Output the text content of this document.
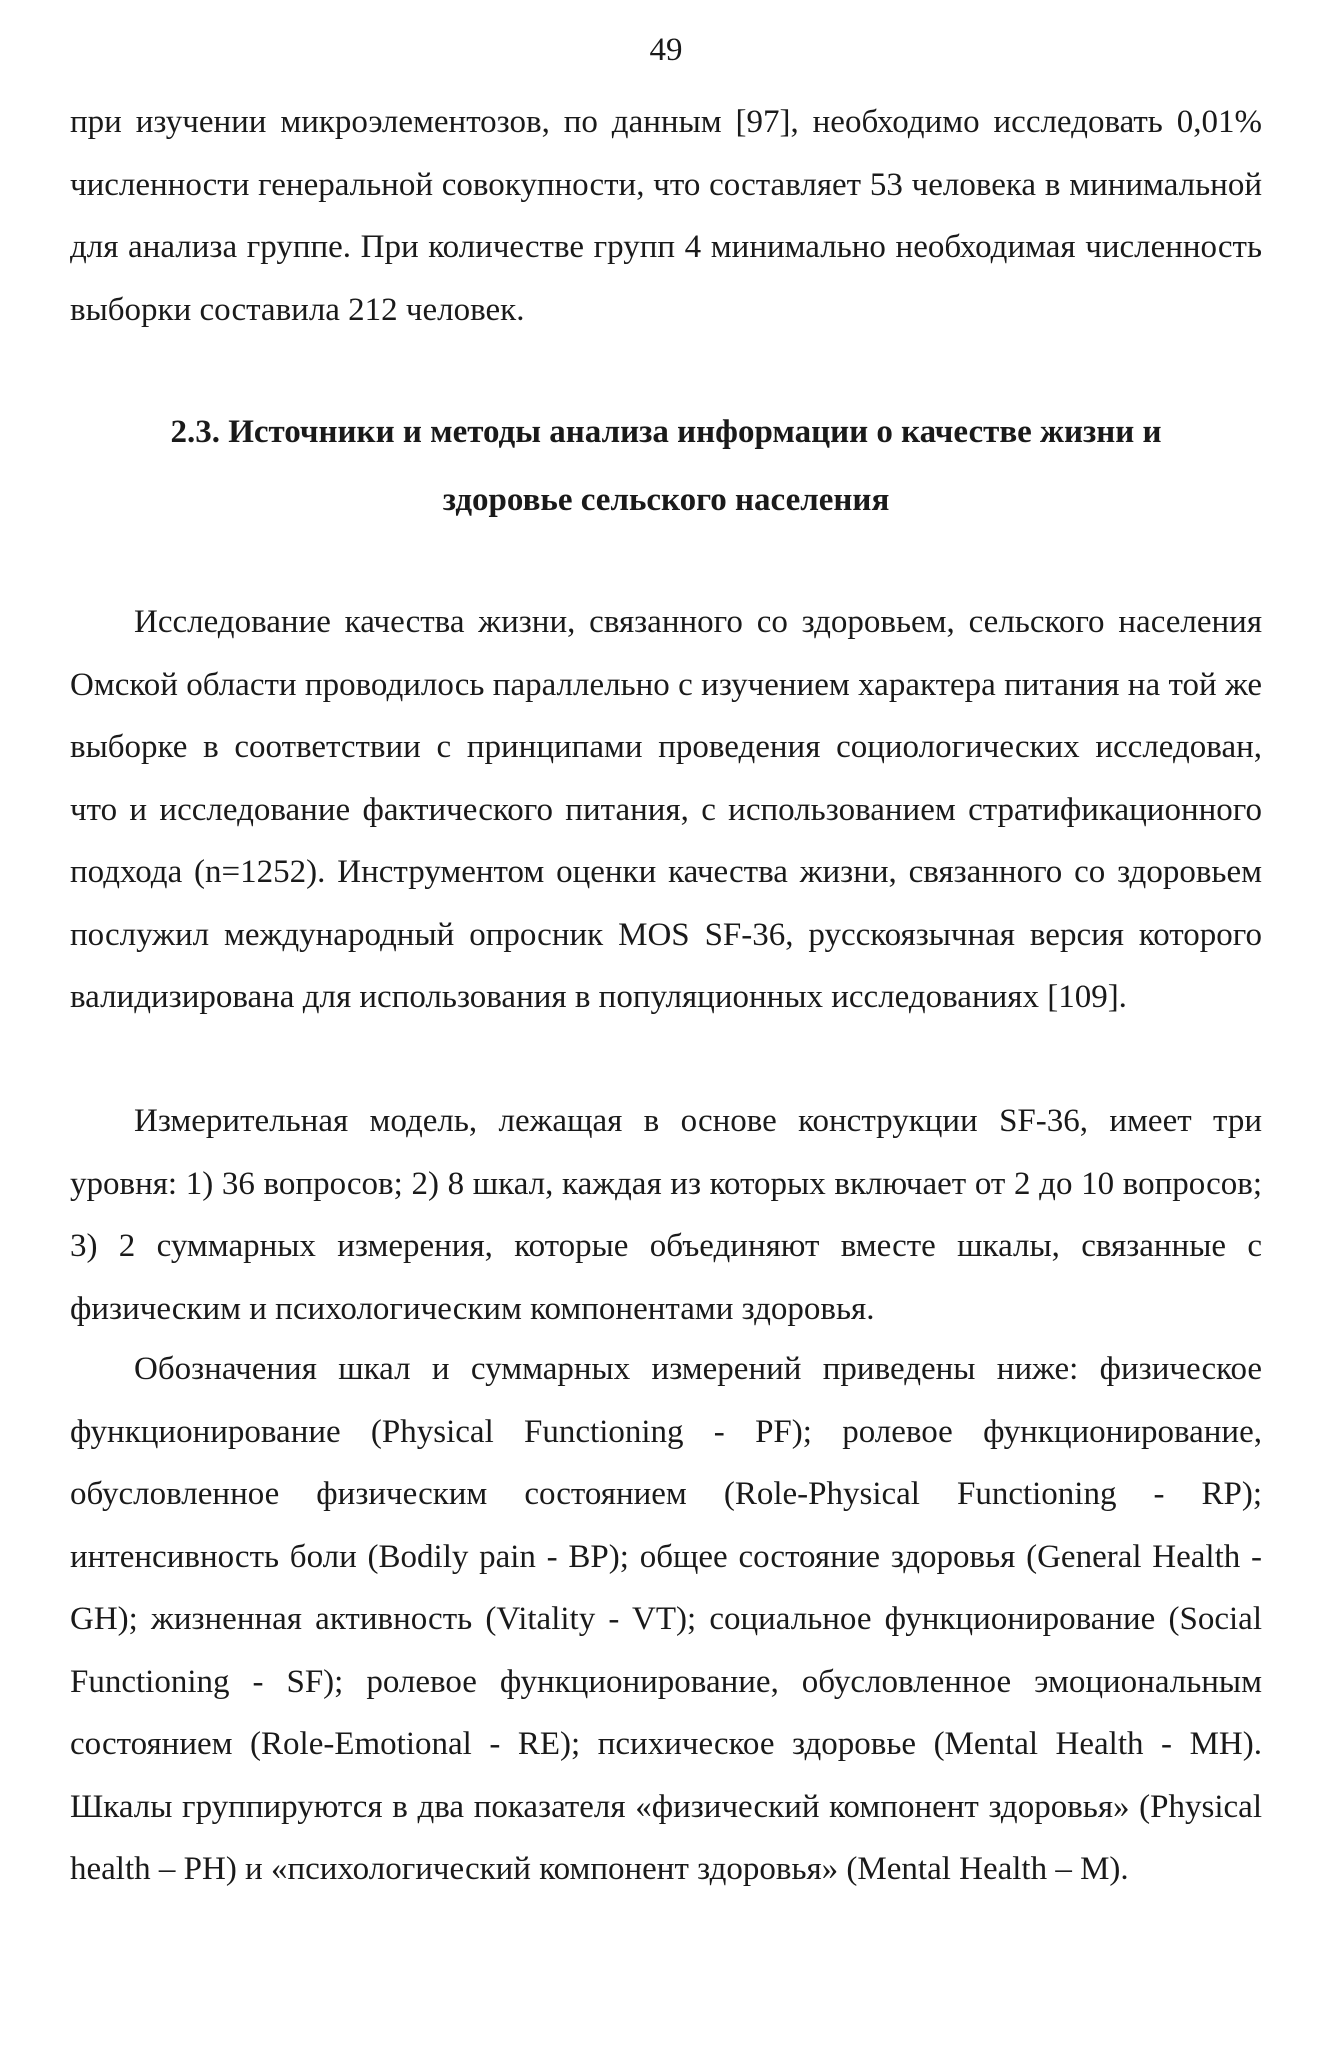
49

при изучении микроэлементозов, по данным [97], необходимо исследовать 0,01% численности генеральной совокупности, что составляет 53 человека в минимальной для анализа группе. При количестве групп 4 минимально необходимая численность выборки составила 212 человек.

2.3. Источники и методы анализа информации о качестве жизни и
здоровье сельского населения

Исследование качества жизни, связанного со здоровьем, сельского населения Омской области проводилось параллельно с изучением характера питания на той же выборке в соответствии с принципами проведения социологических исследован, что и исследование фактического питания, с использованием стратификационного подхода (n=1252). Инструментом оценки качества жизни, связанного со здоровьем послужил международный опросник MOS SF-36, русскоязычная версия которого валидизирована для использования в популяционных исследованиях [109].

Измерительная модель, лежащая в основе конструкции SF-36, имеет три уровня: 1) 36 вопросов; 2) 8 шкал, каждая из которых включает от 2 до 10 вопросов; 3) 2 суммарных измерения, которые объединяют вместе шкалы, связанные с физическим и психологическим компонентами здоровья.

Обозначения шкал и суммарных измерений приведены ниже: физическое функционирование (Physical Functioning - PF); ролевое функционирование, обусловленное физическим состоянием (Role-Physical Functioning - RP); интенсивность боли (Bodily pain - BP); общее состояние здоровья (General Health - GH); жизненная активность (Vitality - VT); социальное функционирование (Social Functioning - SF); ролевое функционирование, обусловленное эмоциональным состоянием (Role-Emotional - RE); психическое здоровье (Mental Health - MH). Шкалы группируются в два показателя «физический компонент здоровья» (Physical health – PH) и «психологический компонент здоровья» (Mental Health – M).
